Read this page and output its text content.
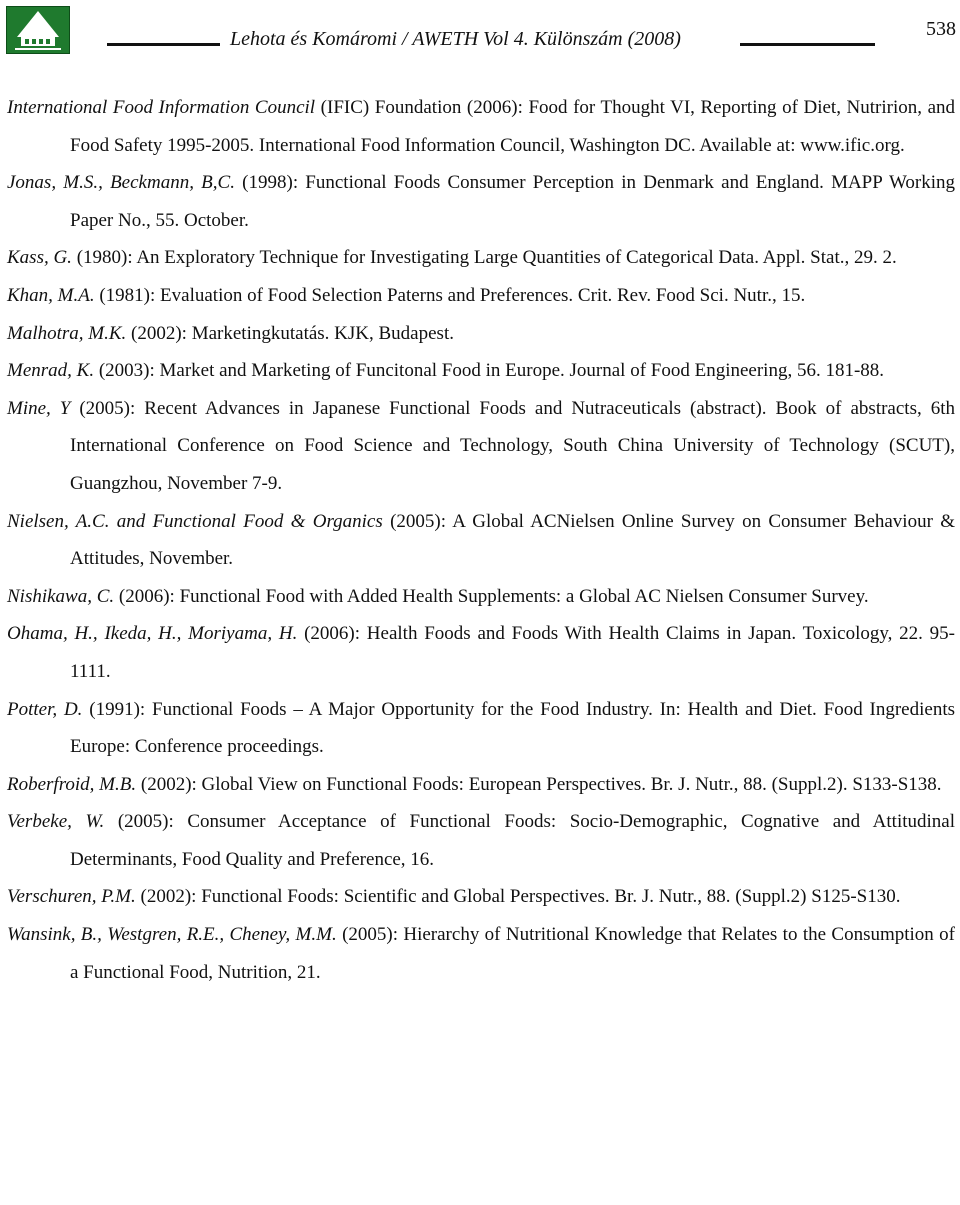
Lehota és Komáromi / AWETH Vol 4. Különszám (2008)	538

International Food Information Council (IFIC) Foundation (2006): Food for Thought VI, Reporting of Diet, Nutririon, and Food Safety 1995-2005. International Food Information Council, Washington DC. Available at: www.ific.org.

Jonas, M.S., Beckmann, B,C. (1998): Functional Foods Consumer Perception in Denmark and England. MAPP Working Paper No., 55. October.

Kass, G. (1980): An Exploratory Technique for Investigating Large Quantities of Categorical Data. Appl. Stat., 29. 2.

Khan, M.A. (1981): Evaluation of Food Selection Paterns and Preferences. Crit. Rev. Food Sci. Nutr., 15.

Malhotra, M.K. (2002): Marketingkutatás. KJK, Budapest.

Menrad, K. (2003): Market and Marketing of Funcitonal Food in Europe. Journal of Food Engineering, 56. 181-88.

Mine, Y (2005): Recent Advances in Japanese Functional Foods and Nutraceuticals (abstract). Book of abstracts, 6th International Conference on Food Science and Technology, South China University of Technology (SCUT), Guangzhou, November 7-9.

Nielsen, A.C. and Functional Food & Organics (2005): A Global ACNielsen Online Survey on Consumer Behaviour & Attitudes, November.

Nishikawa, C. (2006): Functional Food with Added Health Supplements: a Global AC Nielsen Consumer Survey.

Ohama, H., Ikeda, H., Moriyama, H. (2006): Health Foods and Foods With Health Claims in Japan. Toxicology, 22. 95-1111.

Potter, D. (1991): Functional Foods – A Major Opportunity for the Food Industry. In: Health and Diet. Food Ingredients Europe: Conference proceedings.

Roberfroid, M.B. (2002): Global View on Functional Foods: European Perspectives. Br. J. Nutr., 88. (Suppl.2). S133-S138.

Verbeke, W. (2005): Consumer Acceptance of Functional Foods: Socio-Demographic, Cognative and Attitudinal Determinants, Food Quality and Preference, 16.

Verschuren, P.M. (2002): Functional Foods: Scientific and Global Perspectives. Br. J. Nutr., 88. (Suppl.2) S125-S130.

Wansink, B., Westgren, R.E., Cheney, M.M. (2005): Hierarchy of Nutritional Knowledge that Relates to the Consumption of a Functional Food, Nutrition, 21.
